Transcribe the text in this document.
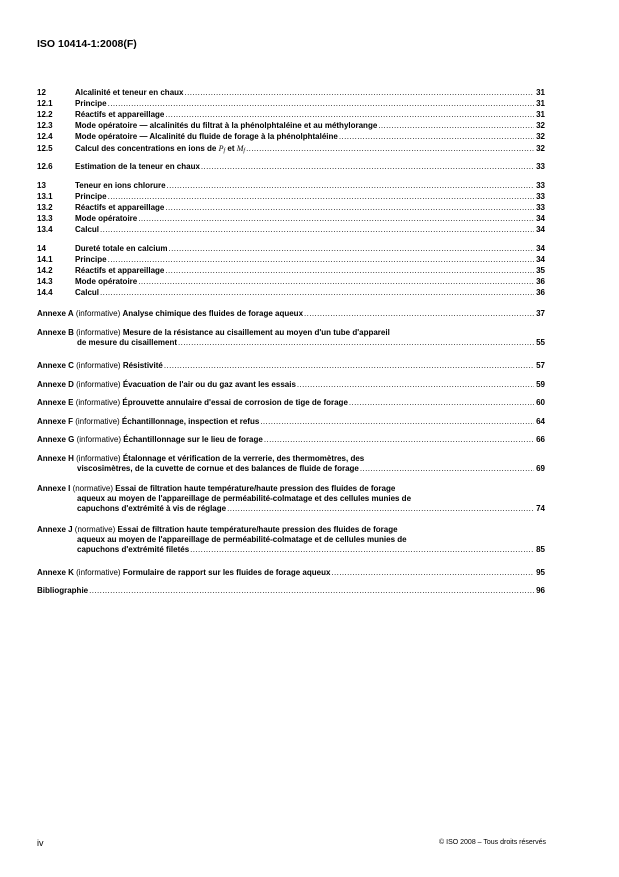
ISO 10414-1:2008(F)
12	Alcalinité et teneur en chaux .....	31
12.1	Principe .....	31
12.2	Réactifs et appareillage .....	31
12.3	Mode opératoire — alcalinités du filtrat à la phénolphtaléine et au méthylorange .....	32
12.4	Mode opératoire — Alcalinité du fluide de forage à la phénolphtaléine .....	32
12.5	Calcul des concentrations en ions de Pf et Mf .....	32
12.6	Estimation de la teneur en chaux .....	33
13	Teneur en ions chlorure .....	33
13.1	Principe .....	33
13.2	Réactifs et appareillage .....	33
13.3	Mode opératoire .....	34
13.4	Calcul .....	34
14	Dureté totale en calcium .....	34
14.1	Principe .....	34
14.2	Réactifs et appareillage .....	35
14.3	Mode opératoire .....	36
14.4	Calcul .....	36
Annexe A (informative) Analyse chimique des fluides de forage aqueux .....	37
Annexe B (informative) Mesure de la résistance au cisaillement au moyen d'un tube d'appareil
de mesure du cisaillement .....	55
Annexe C (informative) Résistivité .....	57
Annexe D (informative) Évacuation de l'air ou du gaz avant les essais .....	59
Annexe E (informative) Éprouvette annulaire d'essai de corrosion de tige de forage .....	60
Annexe F (informative) Échantillonnage, inspection et refus .....	64
Annexe G (informative) Échantillonnage sur le lieu de forage .....	66
Annexe H (informative) Étalonnage et vérification de la verrerie, des thermomètres, des
viscosimètres, de la cuvette de cornue et des balances de fluide de forage .....	69
Annexe I (normative) Essai de filtration haute température/haute pression des fluides de forage
aqueux au moyen de l'appareillage de perméabilité-colmatage et des cellules munies de
capuchons d'extrémité à vis de réglage .....	74
Annexe J (normative) Essai de filtration haute température/haute pression des fluides de forage
aqueux au moyen de l'appareillage de perméabilité-colmatage et de cellules munies de
capuchons d'extrémité filetés .....	85
Annexe K (informative) Formulaire de rapport sur les fluides de forage aqueux .....	95
Bibliographie .....	96
iv	© ISO 2008 – Tous droits réservés
